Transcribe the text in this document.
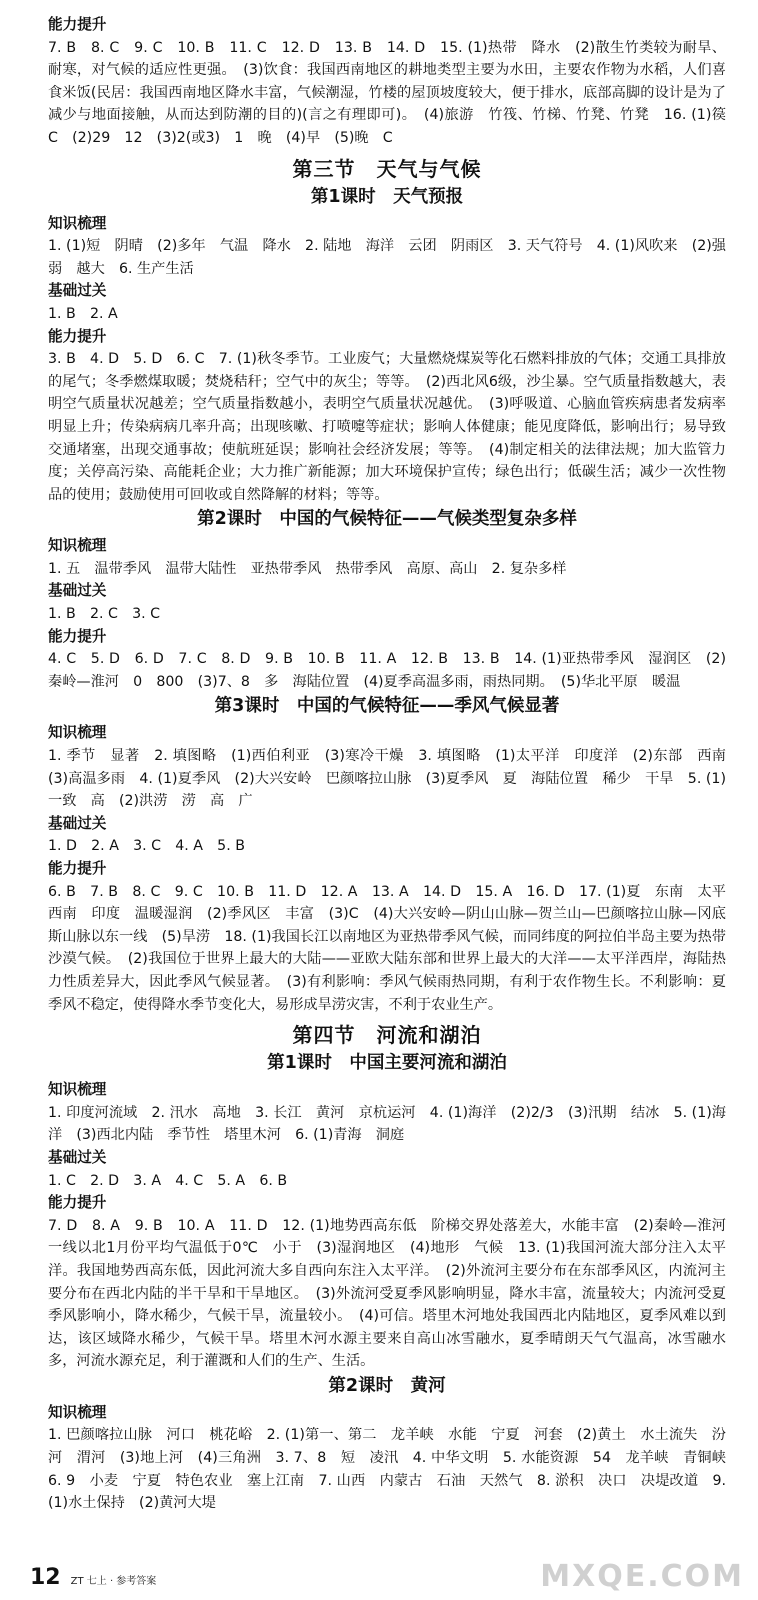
能力提升

7. B　8. C　9. C　10. B　11. C　12. D　13. B　14. D　15. (1)热带　降水　(2)散生竹类较为耐旱、耐寒，对气候的适应性更强。　(3)饮食：我国西南地区的耕地类型主要为水田，主要农作物为水稻，人们喜食米饭(民居：我国西南地区降水丰富，气候潮湿，竹楼的屋顶坡度较大，便于排水，底部高脚的设计是为了减少与地面接触，从而达到防潮的目的)(言之有理即可)。　(4)旅游　竹筏、竹梯、竹凳、竹凳　16. (1)篌　C　(2)29　12　(3)2(或3)　1　晚　(4)早　(5)晚　C

第三节　天气与气候
第1课时　天气预报
知识梳理

1. (1)短　阴晴　(2)多年　气温　降水　2. 陆地　海洋　云团　阴雨区　3. 天气符号　4. (1)风吹来　(2)强弱　越大　6. 生产生活

基础过关

1. B　2. A

能力提升

3. B　4. D　5. D　6. C　7. (1)秋冬季节。工业废气；大量燃烧煤炭等化石燃料排放的气体；交通工具排放的尾气；冬季燃煤取暖；焚烧秸秆；空气中的灰尘；等等。　(2)西北风6级，沙尘暴。空气质量指数越大，表明空气质量状况越差；空气质量指数越小，表明空气质量状况越优。　(3)呼吸道、心脑血管疾病患者发病率明显上升；传染病病几率升高；出现咳嗽、打喷嚏等症状；影响人体健康；能见度降低，影响出行；易导致交通堵塞，出现交通事故；使航班延误；影响社会经济发展；等等。　(4)制定相关的法律法规；加大监管力度；关停高污染、高能耗企业；大力推广新能源；加大环境保护宣传；绿色出行；低碳生活；减少一次性物品的使用；鼓励使用可回收或自然降解的材料；等等。

第2课时　中国的气候特征——气候类型复杂多样
知识梳理

1. 五　温带季风　温带大陆性　亚热带季风　热带季风　高原、高山　2. 复杂多样

基础过关

1. B　2. C　3. C

能力提升

4. C　5. D　6. D　7. C　8. D　9. B　10. B　11. A　12. B　13. B　14. (1)亚热带季风　湿润区　(2)秦岭—淮河　0　800　(3)7、8　多　海陆位置　(4)夏季高温多雨，雨热同期。　(5)华北平原　暖温

第3课时　中国的气候特征——季风气候显著
知识梳理

1. 季节　显著　2. 填图略　(1)西伯利亚　(3)寒冷干燥　3. 填图略　(1)太平洋　印度洋　(2)东部　西南　(3)高温多雨　4. (1)夏季风　(2)大兴安岭　巴颜喀拉山脉　(3)夏季风　夏　海陆位置　稀少　干旱　5. (1)一致　高　(2)洪涝　涝　高　广

基础过关

1. D　2. A　3. C　4. A　5. B

能力提升

6. B　7. B　8. C　9. C　10. B　11. D　12. A　13. A　14. D　15. A　16. D　17. (1)夏　东南　太平　西南　印度　温暖湿润　(2)季风区　丰富　(3)C　(4)大兴安岭—阴山山脉—贺兰山—巴颜喀拉山脉—冈底斯山脉以东一线　(5)旱涝　18. (1)我国长江以南地区为亚热带季风气候，而同纬度的阿拉伯半岛主要为热带沙漠气候。　(2)我国位于世界上最大的大陆——亚欧大陆东部和世界上最大的大洋——太平洋西岸，海陆热力性质差异大，因此季风气候显著。　(3)有利影响：季风气候雨热同期，有利于农作物生长。不利影响：夏季风不稳定，使得降水季节变化大，易形成旱涝灾害，不利于农业生产。

第四节　河流和湖泊
第1课时　中国主要河流和湖泊
知识梳理

1. 印度河流域　2. 汛水　高地　3. 长江　黄河　京杭运河　4. (1)海洋　(2)2/3　(3)汛期　结冰　5. (1)海洋　(3)西北内陆　季节性　塔里木河　6. (1)青海　洞庭

基础过关

1. C　2. D　3. A　4. C　5. A　6. B

能力提升

7. D　8. A　9. B　10. A　11. D　12. (1)地势西高东低　阶梯交界处落差大，水能丰富　(2)秦岭—淮河一线以北1月份平均气温低于0℃　小于　(3)湿润地区　(4)地形　气候　13. (1)我国河流大部分注入太平洋。我国地势西高东低，因此河流大多自西向东注入太平洋。　(2)外流河主要分布在东部季风区，内流河主要分布在西北内陆的半干旱和干旱地区。　(3)外流河受夏季风影响明显，降水丰富，流量较大；内流河受夏季风影响小，降水稀少，气候干旱，流量较小。　(4)可信。塔里木河地处我国西北内陆地区，夏季风难以到达，该区域降水稀少，气候干旱。塔里木河水源主要来自高山冰雪融水，夏季晴朗天气气温高，冰雪融水多，河流水源充足，利于灌溉和人们的生产、生活。

第2课时　黄河
知识梳理

1. 巴颜喀拉山脉　河口　桃花峪　2. (1)第一、第二　龙羊峡　水能　宁夏　河套　(2)黄土　水土流失　汾河　渭河　(3)地上河　(4)三角洲　3. 7、8　短　凌汛　4. 中华文明　5. 水能资源　54　龙羊峡　青铜峡　6. 9　小麦　宁夏　特色农业　塞上江南　7. 山西　内蒙古　石油　天然气　8. 淤积　决口　决堤改道　9. (1)水土保持　(2)黄河大堤

12 ZT 七上 · 参考答案	MXQE.COM
